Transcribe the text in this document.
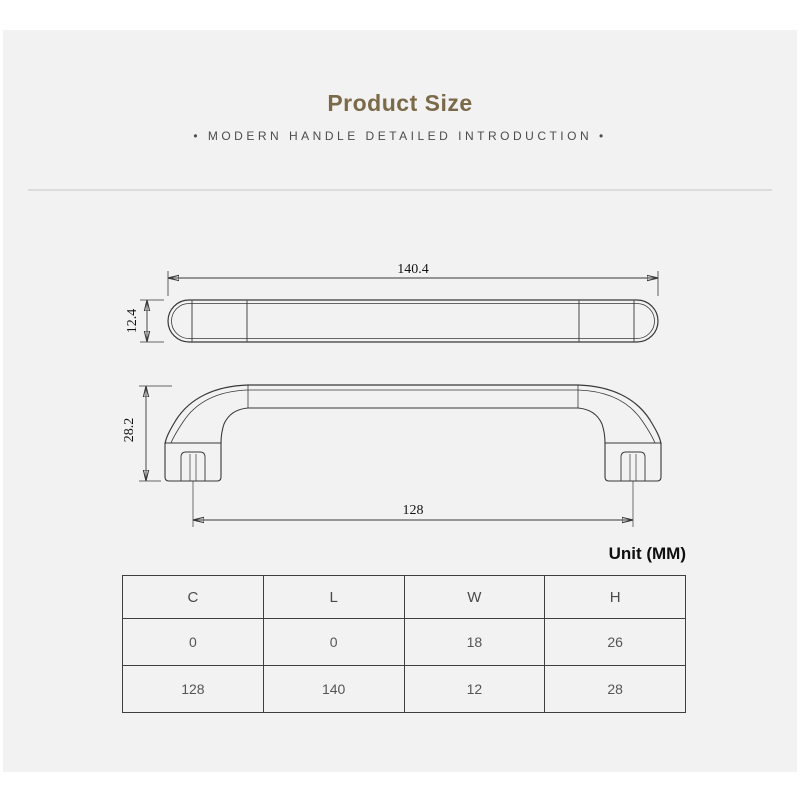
Product Size
• MODERN HANDLE DETAILED INTRODUCTION •
140.4
12.4
28.2
128
Unit (MM)
C	L	W	H
0	0	18	26
128	140	12	28
